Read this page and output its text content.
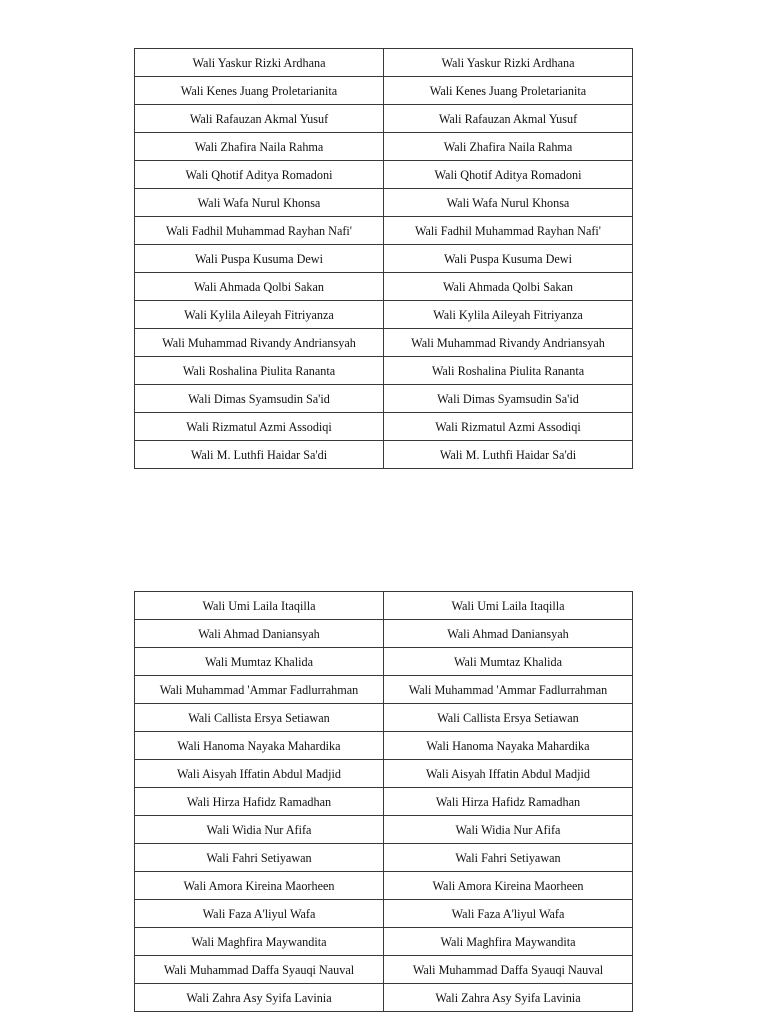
Wali Yaskur Rizki Ardhana	Wali Yaskur Rizki Ardhana
Wali Kenes Juang Proletarianita	Wali Kenes Juang Proletarianita
Wali Rafauzan Akmal Yusuf	Wali Rafauzan Akmal Yusuf
Wali Zhafira Naila Rahma	Wali Zhafira Naila Rahma
Wali Qhotif Aditya Romadoni	Wali Qhotif Aditya Romadoni
Wali Wafa Nurul Khonsa	Wali Wafa Nurul Khonsa
Wali Fadhil Muhammad Rayhan Nafi'	Wali Fadhil Muhammad Rayhan Nafi'
Wali Puspa Kusuma Dewi	Wali Puspa Kusuma Dewi
Wali Ahmada Qolbi Sakan	Wali Ahmada Qolbi Sakan
Wali Kylila Aileyah Fitriyanza	Wali Kylila Aileyah Fitriyanza
Wali Muhammad Rivandy Andriansyah	Wali Muhammad Rivandy Andriansyah
Wali Roshalina Piulita Rananta	Wali Roshalina Piulita Rananta
Wali Dimas Syamsudin Sa'id	Wali Dimas Syamsudin Sa'id
Wali Rizmatul Azmi Assodiqi	Wali Rizmatul Azmi Assodiqi
Wali M. Luthfi Haidar Sa'di	Wali M. Luthfi Haidar Sa'di
Wali Umi Laila Itaqilla	Wali Umi Laila Itaqilla
Wali Ahmad Daniansyah	Wali Ahmad Daniansyah
Wali Mumtaz Khalida	Wali Mumtaz Khalida
Wali Muhammad 'Ammar Fadlurrahman	Wali Muhammad 'Ammar Fadlurrahman
Wali Callista Ersya Setiawan	Wali Callista Ersya Setiawan
Wali Hanoma Nayaka Mahardika	Wali Hanoma Nayaka Mahardika
Wali Aisyah Iffatin Abdul Madjid	Wali Aisyah Iffatin Abdul Madjid
Wali Hirza Hafidz Ramadhan	Wali Hirza Hafidz Ramadhan
Wali Widia Nur Afifa	Wali Widia Nur Afifa
Wali Fahri Setiyawan	Wali Fahri Setiyawan
Wali Amora Kireina Maorheen	Wali Amora Kireina Maorheen
Wali Faza A'liyul Wafa	Wali Faza A'liyul Wafa
Wali Maghfira Maywandita	Wali Maghfira Maywandita
Wali Muhammad Daffa Syauqi Nauval	Wali Muhammad Daffa Syauqi Nauval
Wali Zahra Asy Syifa Lavinia	Wali Zahra Asy Syifa Lavinia
